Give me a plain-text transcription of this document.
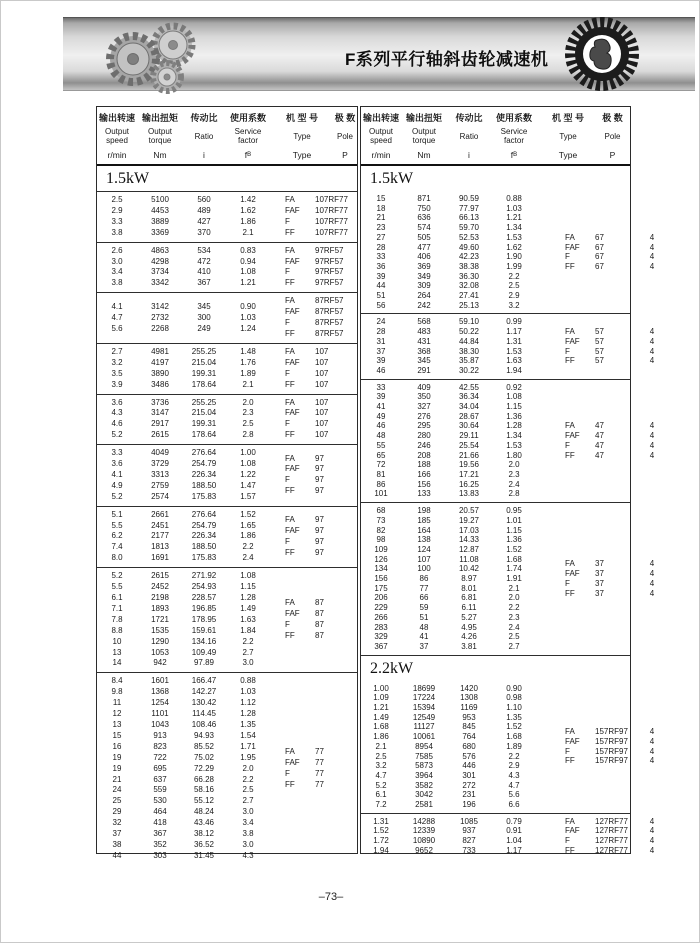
F系列平行轴斜齿轮减速机
输出转速 输出扭矩	传动比	使用系数	机 型 号	极 数
Output speed
Output torque	Ratio	Service factor	Type	Pole
r/min	Nm	i	f B	Type	P
1.5kW
2.5	5100	560	1.42
2.9	4453	489	1.62
3.3	3889	427	1.86
3.8	3369	370	2.1
FA	107RF77
FAF	107RF77
F	107RF77
FF	107RF77
2.6	4863	534	0.83
3.0	4298	472	0.94
3.4	3734	410	1.08
3.8	3342	367	1.21
FA	97RF57
FAF	97RF57
F	97RF57
FF	97RF57
4.1	3142	345	0.90
4.7	2732	300	1.03
5.6	2268	249	1.24
FA	87RF57
FAF	87RF57
F	87RF57
FF	87RF57
2.7	4981	255.25	1.48
3.2	4197	215.04	1.76
3.5	3890	199.31	1.89
3.9	3486	178.64	2.1
FA	107
FAF	107
F	107
FF	107
3.6	3736	255.25	2.0
4.3	3147	215.04	2.3
4.6	2917	199.31	2.5
5.2	2615	178.64	2.8
FA	107
FAF	107
F	107
FF	107
3.3	4049	276.64	1.00
3.6	3729	254.79	1.08
4.1	3313	226.34	1.22
4.9	2759	188.50	1.47
5.2	2574	175.83	1.57
FA	97
FAF	97
F	97
FF	97
5.1	2661	276.64	1.52
5.5	2451	254.79	1.65
6.2	2177	226.34	1.86
7.4	1813	188.50	2.2
8.0	1691	175.83	2.4
FA	97
FAF	97
F	97
FF	97
5.2	2615	271.92	1.08
5.5	2452	254.93	1.15
6.1	2198	228.57	1.28
7.1	1893	196.85	1.49
7.8	1721	178.95	1.63
8.8	1535	159.61	1.84
10	1290	134.16	2.2
13	1053	109.49	2.7
14	942	97.89	3.0
FA	87
FAF	87
F	87
FF	87
8.4	1601	166.47	0.88
9.8	1368	142.27	1.03
11	1254	130.42	1.12
12	1101	114.45	1.28
13	1043	108.46	1.35
15	913	94.93	1.54
16	823	85.52	1.71
19	722	75.02	1.95
19	695	72.29	2.0
21	637	66.28	2.2
24	559	58.16	2.5
25	530	55.12	2.7
29	464	48.24	3.0
32	418	43.46	3.4
37	367	38.12	3.8
38	352	36.52	3.0
44	303	31.45	4.3
FA	77
FAF	77
F	77
FF	77
输出转速 输出扭矩	传动比	使用系数	机 型 号	极 数
Output speed
Output torque	Ratio	Service factor	Type	Pole
r/min	Nm	i	f B	Type	P
1.5kW
15	871	90.59	0.88
18	750	77.97	1.03
21	636	66.13	1.21
23	574	59.70	1.34
27	505	52.53	1.53
28	477	49.60	1.62
33	406	42.23	1.90
36	369	38.38	1.99
39	349	36.30	2.2
44	309	32.08	2.5
51	264	27.41	2.9
56	242	25.13	3.2
FA	67	4
FAF	67	4
F	67	4
FF	67	4
24	568	59.10	0.99
28	483	50.22	1.17
31	431	44.84	1.31
37	368	38.30	1.53
39	345	35.87	1.63
46	291	30.22	1.94
FA	57	4
FAF	57	4
F	57	4
FF	57	4
33	409	42.55	0.92
39	350	36.34	1.08
41	327	34.04	1.15
49	276	28.67	1.36
46	295	30.64	1.28
48	280	29.11	1.34
55	246	25.54	1.53
65	208	21.66	1.80
72	188	19.56	2.0
81	166	17.21	2.3
86	156	16.25	2.4
101	133	13.83	2.8
FA	47	4
FAF	47	4
F	47	4
FF	47	4
68	198	20.57	0.95
73	185	19.27	1.01
82	164	17.03	1.15
98	138	14.33	1.36
109	124	12.87	1.52
126	107	11.08	1.68
134	100	10.42	1.74
156	86	8.97	1.91
175	77	8.01	2.1
206	66	6.81	2.0
229	59	6.11	2.2
266	51	5.27	2.3
283	48	4.95	2.4
329	41	4.26	2.5
367	37	3.81	2.7
FA	37	4
FAF	37	4
F	37	4
FF	37	4
2.2kW
1.00	18699	1420	0.90
1.09	17224	1308	0.98
1.21	15394	1169	1.10
1.49	12549	953	1.35
1.68	11127	845	1.52
1.86	10061	764	1.68
2.1	8954	680	1.89
2.5	7585	576	2.2
3.2	5873	446	2.9
4.7	3964	301	4.3
5.2	3582	272	4.7
6.1	3042	231	5.6
7.2	2581	196	6.6
FA	157RF97	4
FAF	157RF97	4
F	157RF97	4
FF	157RF97	4
1.31	14288	1085	0.79
1.52	12339	937	0.91
1.72	10890	827	1.04
1.94	9652	733	1.17
FA	127RF77	4
FAF	127RF77	4
F	127RF77	4
FF	127RF77	4
–73–
